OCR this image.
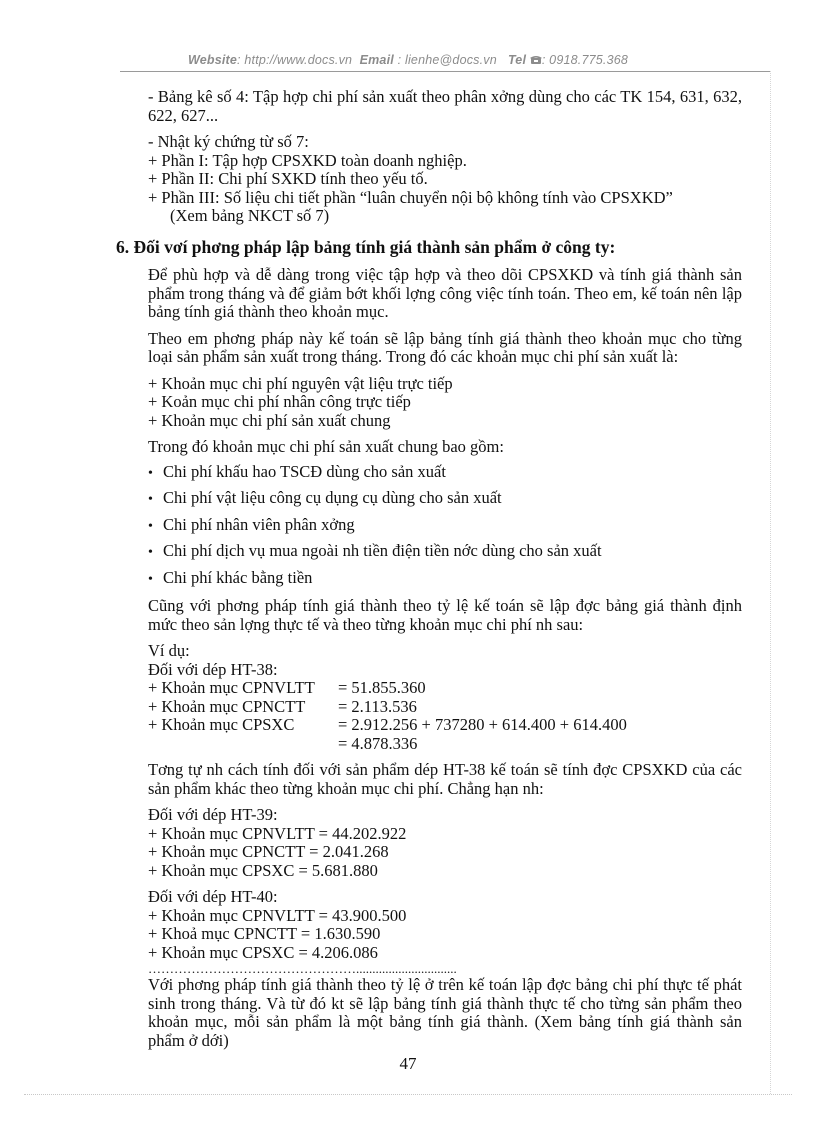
Website: http://www.docs.vn Email : lienhe@docs.vn Tel : 0918.775.368

- Bảng kê số 4: Tập hợp chi phí sản xuất theo phân xởng dùng cho các TK 154, 631, 632, 622, 627...

- Nhật ký chứng từ số 7:

+ Phần I: Tập hợp CPSXKD toàn doanh nghiệp.

+ Phần II: Chi phí SXKD tính theo yếu tố.

+ Phần III: Số liệu chi tiết phần “luân chuyển nội bộ không tính vào CPSXKD”

(Xem bảng NKCT số 7)

6. Đối vơí phơng pháp lập bảng tính giá thành sản phẩm ở công ty:

Để phù hợp và dễ dàng trong việc tập hợp và theo dõi CPSXKD và tính giá thành sản phẩm trong tháng và để giảm bớt khối lợng công việc tính toán. Theo em, kế toán nên lập bảng tính giá thành theo khoản mục.

Theo em phơng pháp này kế toán sẽ lập bảng tính giá thành theo khoản mục cho từng loại sản phẩm sản xuất trong tháng. Trong đó các khoản mục chi phí sản xuất là:

+ Khoản mục chi phí nguyên vật liệu trực tiếp

+ Koản mục chi phí nhân công trực tiếp

+ Khoản mục chi phí sản xuất chung

Trong đó khoản mục chi phí sản xuất chung bao gồm:

• Chi phí khấu hao TSCĐ dùng cho sản xuất
• Chi phí vật liệu công cụ dụng cụ dùng cho sản xuất
• Chi phí nhân viên phân xởng
• Chi phí dịch vụ mua ngoài nh tiền điện tiền nớc dùng cho sản xuất
• Chi phí khác bằng tiền

Cũng với phơng pháp tính giá thành theo tỷ lệ kế toán sẽ lập đợc bảng giá thành định mức theo sản lợng thực tế và theo từng khoản mục chi phí nh sau:

Ví dụ:

Đối với dép HT-38:

+ Khoản mục CPNVLTT	= 51.855.360
+ Khoản mục CPNCTT	= 2.113.536
+ Khoản mục CPSXC	= 2.912.256 + 737280 + 614.400 + 614.400
= 4.878.336

Tơng tự nh cách tính đối với sản phẩm dép HT-38 kế toán sẽ tính đợc CPSXKD của các sản phẩm khác theo từng khoản mục chi phí. Chẳng hạn nh:

Đối với dép HT-39:

+ Khoản mục CPNVLTT = 44.202.922

+ Khoản mục CPNCTT = 2.041.268

+ Khoản mục CPSXC = 5.681.880

Đối với dép HT-40:

+ Khoản mục CPNVLTT = 43.900.500

+ Khoả mục CPNCTT = 1.630.590

+ Khoản mục CPSXC = 4.206.086

…………………………………………...............................

Với phơng pháp tính giá thành theo tỷ lệ ở trên kế toán lập đợc bảng chi phí thực tế phát sinh trong tháng. Và từ đó kt sẽ lập bảng tính giá thành thực tế cho từng sản phẩm theo khoản mục, mỗi sản phẩm là một bảng tính giá thành. (Xem bảng tính giá thành sản phẩm ở dới)

47
